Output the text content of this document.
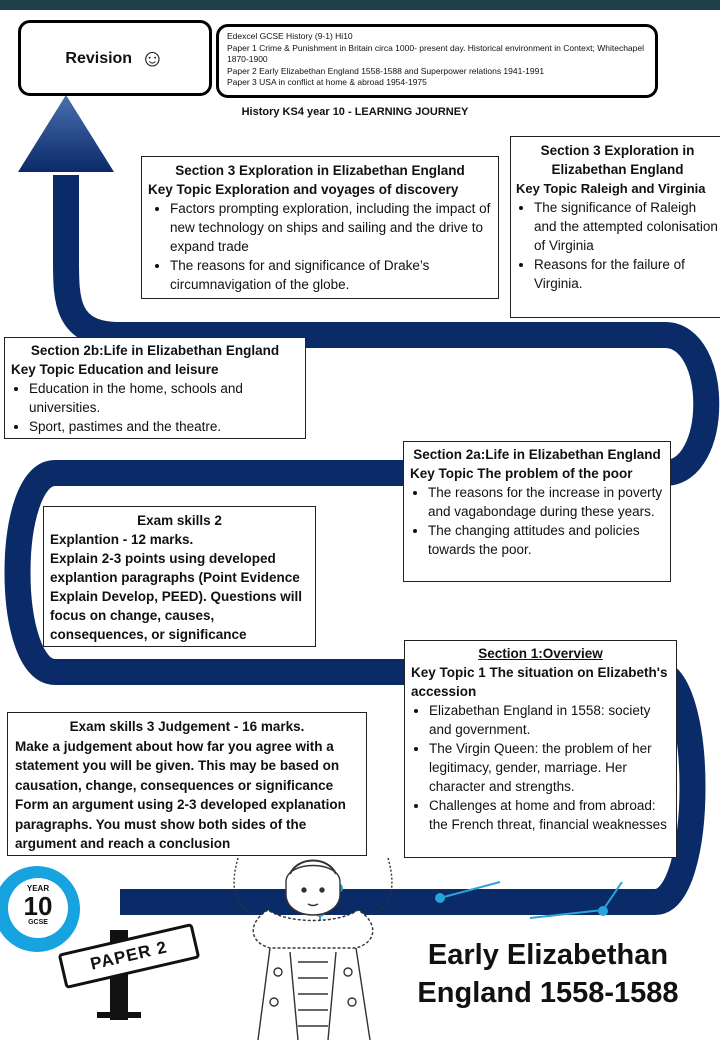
Revision ☺
Edexcel GCSE History (9-1) Hi10
Paper 1 Crime & Punishment in Britain circa 1000- present day. Historical environment in Context; Whitechapel 1870-1900
Paper 2 Early Elizabethan England 1558-1588 and Superpower relations 1941-1991
Paper 3 USA in conflict at home & abroad 1954-1975
History KS4 year 10 - LEARNING JOURNEY
Section 3 Exploration in Elizabethan England
Key Topic Exploration and voyages of discovery
• Factors prompting exploration, including the impact of new technology on ships and sailing and the drive to expand trade
• The reasons for and significance of Drake’s circumnavigation of the globe.
Section 3 Exploration in Elizabethan England
Key Topic Raleigh and Virginia
• The significance of Raleigh and the attempted colonisation of Virginia
• Reasons for the failure of Virginia.
Section 2b:Life in Elizabethan England
Key Topic Education and leisure
• Education in the home, schools and universities.
• Sport, pastimes and the theatre.
Section 2a:Life in Elizabethan England
Key Topic The problem of the poor
• The reasons for the increase in poverty and vagabondage during these years.
• The changing attitudes and policies towards the poor.
Exam skills 2
Explantion - 12 marks.
Explain 2-3 points using developed explantion paragraphs (Point Evidence Explain Develop, PEED). Questions will focus on change, causes, consequences, or significance
Section 1:Overview
Key Topic 1 The situation on Elizabeth's accession
• Elizabethan England in 1558: society and government.
• The Virgin Queen: the problem of her legitimacy, gender, marriage. Her character and strengths.
• Challenges at home and from abroad: the French threat, financial weaknesses
Exam skills 3 Judgement - 16 marks.
Make a judgement about how far you agree with a statement you will be given. This may be based on causation, change, consequences or significance Form an argument using 2-3 developed explanation paragraphs. You must show both sides of the argument and reach a conclusion
YEAR
10
GCSE
PAPER 2	Early Elizabethan
England 1558-1588
